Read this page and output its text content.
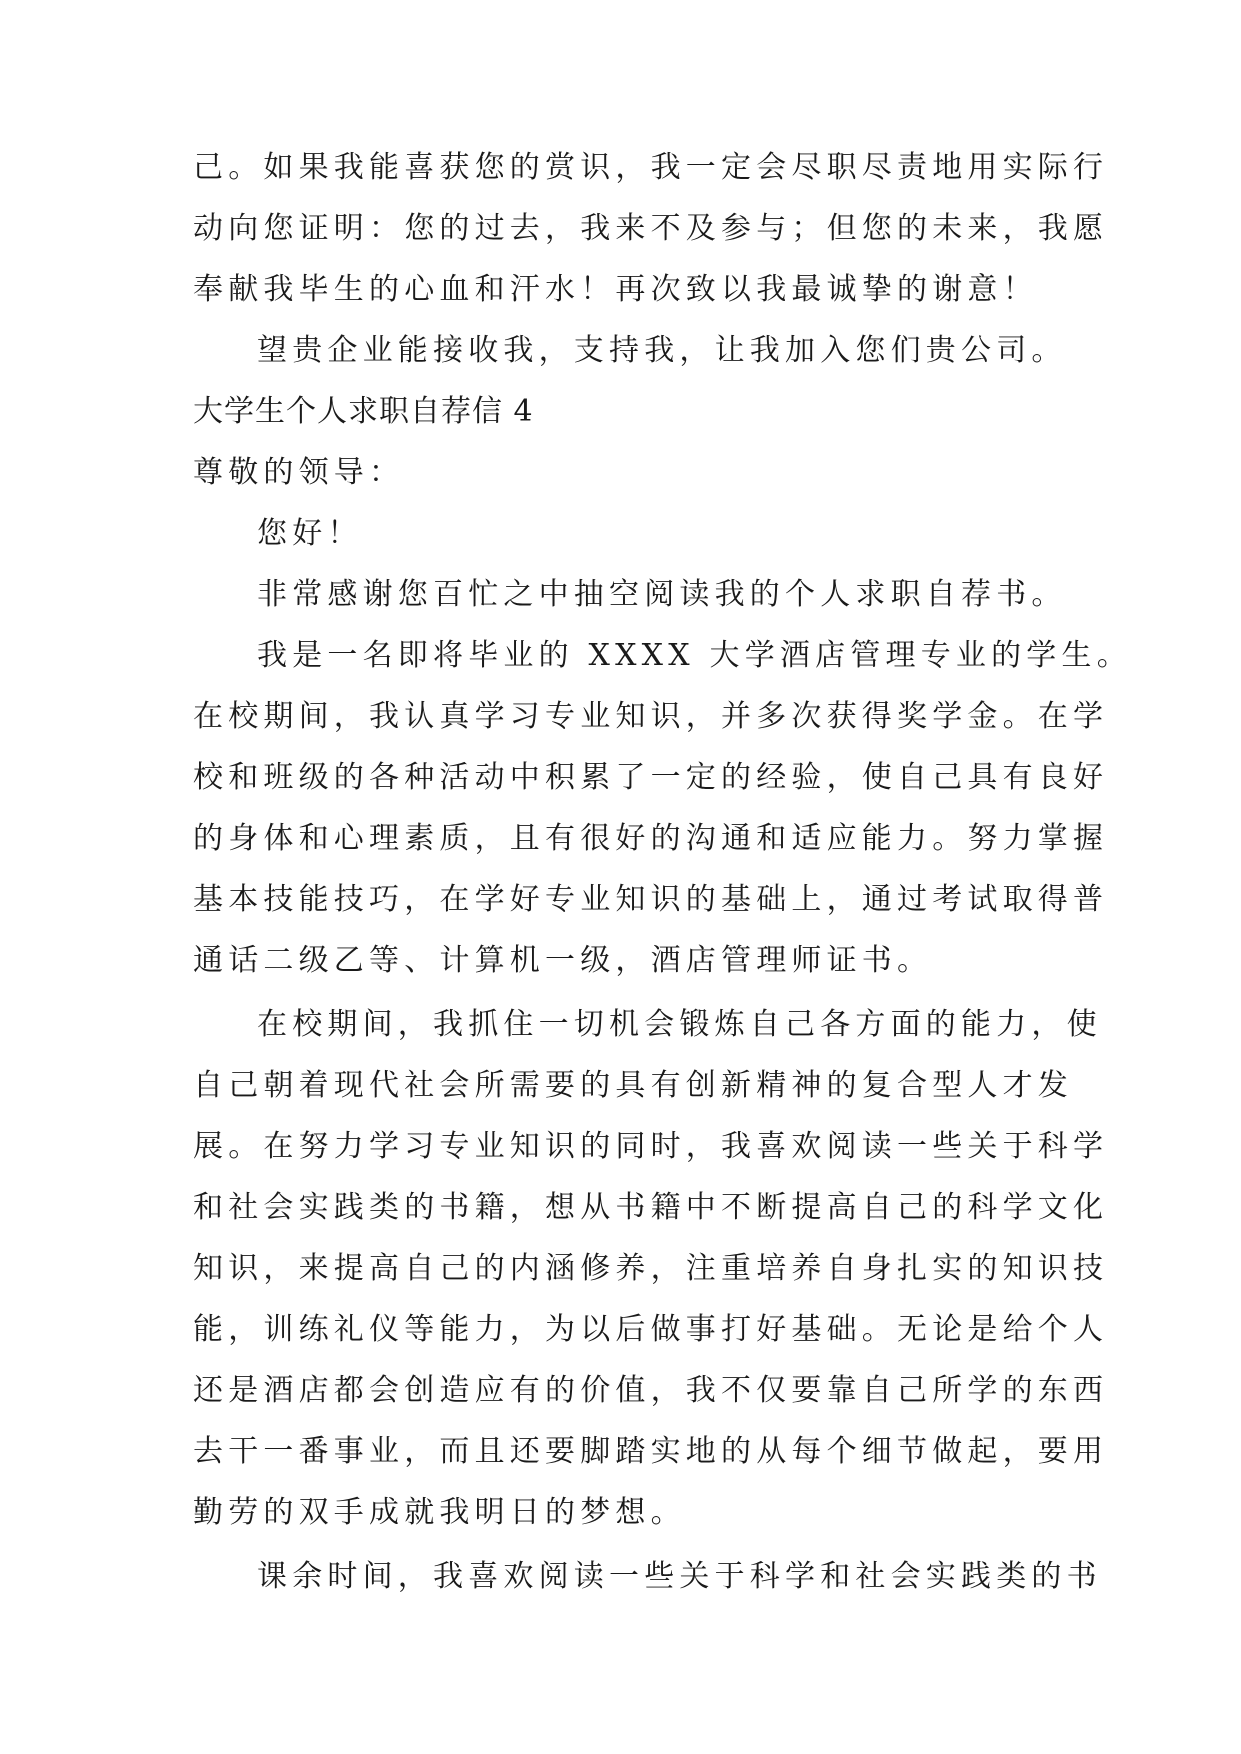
己。如果我能喜获您的赏识，我一定会尽职尽责地用实际行
动向您证明：您的过去，我来不及参与；但您的未来，我愿
奉献我毕生的心血和汗水！再次致以我最诚挚的谢意！
望贵企业能接收我，支持我，让我加入您们贵公司。
大学生个人求职自荐信 4
尊敬的领导：
您好！
非常感谢您百忙之中抽空阅读我的个人求职自荐书。
我是一名即将毕业的 XXXX 大学酒店管理专业的学生。
在校期间，我认真学习专业知识，并多次获得奖学金。在学
校和班级的各种活动中积累了一定的经验，使自己具有良好
的身体和心理素质，且有很好的沟通和适应能力。努力掌握
基本技能技巧，在学好专业知识的基础上，通过考试取得普
通话二级乙等、计算机一级，酒店管理师证书。
在校期间，我抓住一切机会锻炼自己各方面的能力，使
自己朝着现代社会所需要的具有创新精神的复合型人才发
展。在努力学习专业知识的同时，我喜欢阅读一些关于科学
和社会实践类的书籍，想从书籍中不断提高自己的科学文化
知识，来提高自己的内涵修养，注重培养自身扎实的知识技
能，训练礼仪等能力，为以后做事打好基础。无论是给个人
还是酒店都会创造应有的价值，我不仅要靠自己所学的东西
去干一番事业，而且还要脚踏实地的从每个细节做起，要用
勤劳的双手成就我明日的梦想。
课余时间，我喜欢阅读一些关于科学和社会实践类的书
